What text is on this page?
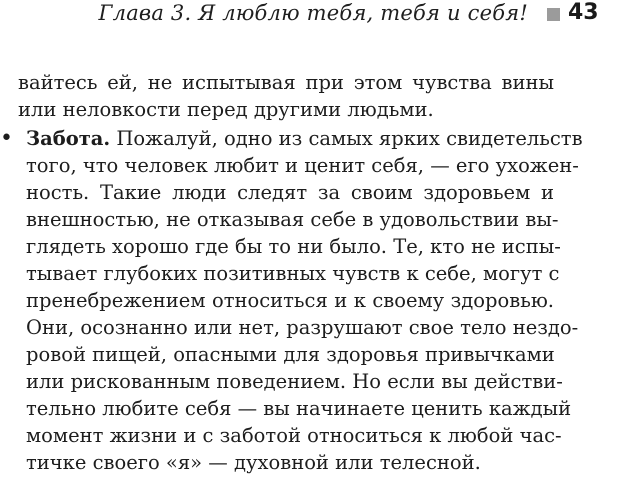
Глава 3. Я люблю тебя, тебя и себя! 43
вайтесь ей, не испытывая при этом чувства вины
или неловкости перед другими людьми.
• Забота. Пожалуй, одно из самых ярких свидетельств
того, что человек любит и ценит себя, — его ухожен-
ность. Такие люди следят за своим здоровьем и
внешностью, не отказывая себе в удовольствии вы-
глядеть хорошо где бы то ни было. Те, кто не испы-
тывает глубоких позитивных чувств к себе, могут с
пренебрежением относиться и к своему здоровью.
Они, осознанно или нет, разрушают свое тело нездо-
ровой пищей, опасными для здоровья привычками
или рискованным поведением. Но если вы действи-
тельно любите себя — вы начинаете ценить каждый
момент жизни и с заботой относиться к любой час-
тичке своего «я» — духовной или телесной.
